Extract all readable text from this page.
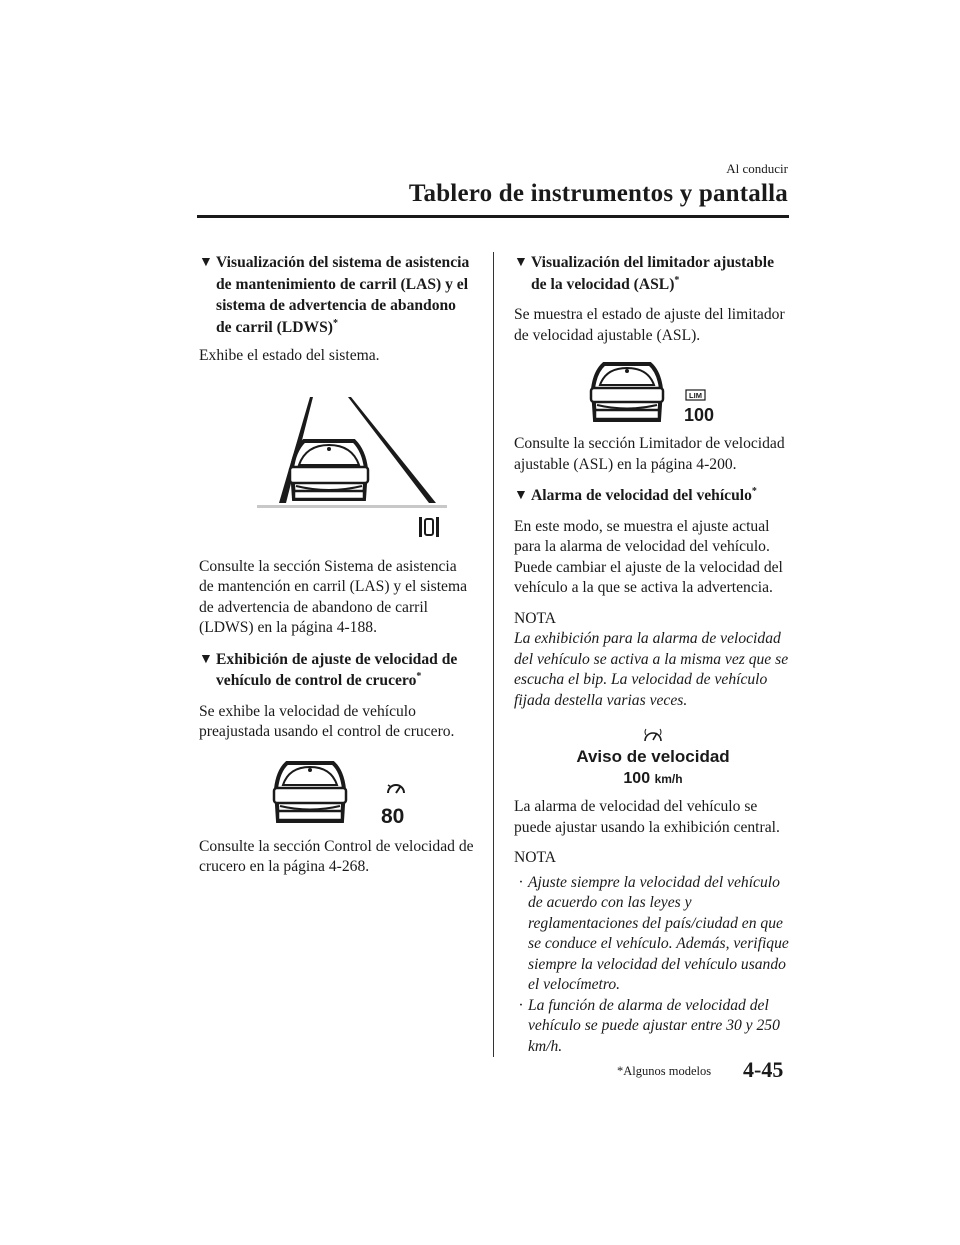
Al conducir
Tablero de instrumentos y pantalla
▼ Visualización del sistema de asistencia de mantenimiento de carril (LAS) y el sistema de advertencia de abandono de carril (LDWS)*

Exhibe el estado del sistema.

Consulte la sección Sistema de asistencia de mantención en carril (LAS) y el sistema de advertencia de abandono de carril (LDWS) en la página 4-188.

▼ Exhibición de ajuste de velocidad de vehículo de control de crucero*

Se exhibe la velocidad de vehículo preajustada usando el control de crucero.

80

Consulte la sección Control de velocidad de crucero en la página 4-268.

▼ Visualización del limitador ajustable de la velocidad (ASL)*

Se muestra el estado de ajuste del limitador de velocidad ajustable (ASL).

LIM
100

Consulte la sección Limitador de velocidad ajustable (ASL) en la página 4-200.

▼ Alarma de velocidad del vehículo*

En este modo, se muestra el ajuste actual para la alarma de velocidad del vehículo. Puede cambiar el ajuste de la velocidad del vehículo a la que se activa la advertencia.

NOTA

La exhibición para la alarma de velocidad del vehículo se activa a la misma vez que se escucha el bip. La velocidad de vehículo fijada destella varias veces.

Aviso de velocidad
100 km/h

La alarma de velocidad del vehículo se puede ajustar usando la exhibición central.

NOTA

· Ajuste siempre la velocidad del vehículo de acuerdo con las leyes y reglamentaciones del país/ciudad en que se conduce el vehículo. Además, verifique siempre la velocidad del vehículo usando el velocímetro.
· La función de alarma de velocidad del vehículo se puede ajustar entre 30 y 250 km/h.
*Algunos modelos 4-45
